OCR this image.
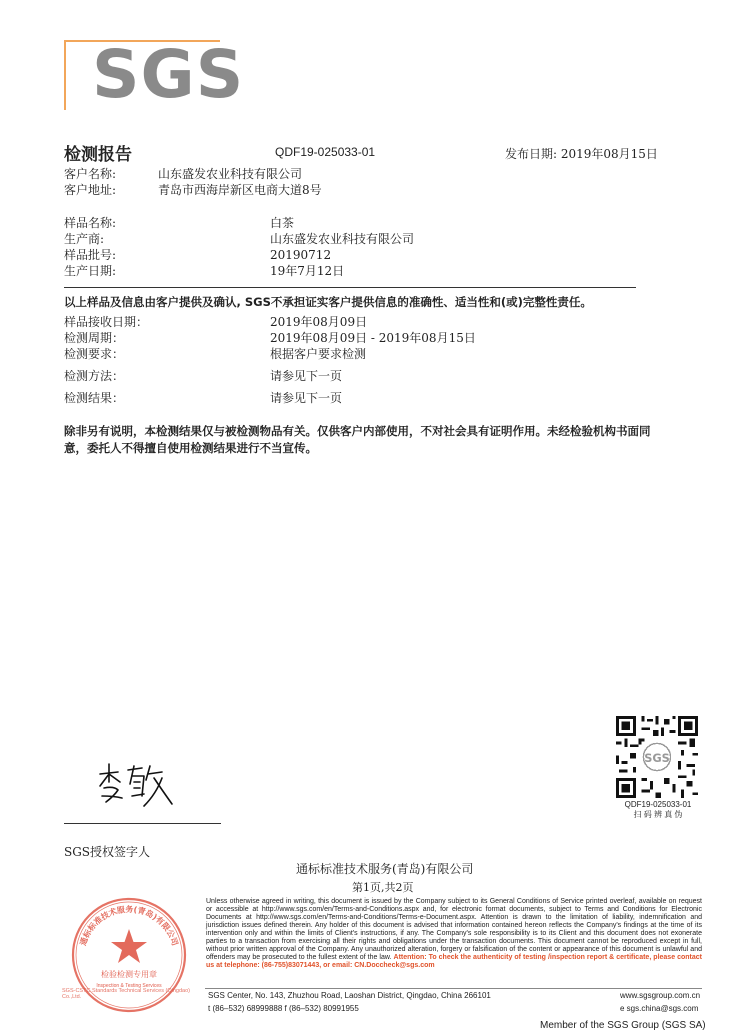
SGS
检测报告	QDF19-025033-01	发布日期: 2019年08月15日
客户名称:	山东盛发农业科技有限公司
客户地址:	青岛市西海岸新区电商大道8号
样品名称:	白茶
生产商:	山东盛发农业科技有限公司
样品批号:	20190712
生产日期:	19年7月12日
以上样品及信息由客户提供及确认, SGS不承担证实客户提供信息的准确性、适当性和(或)完整性责任。
样品接收日期：	2019年08月09日
检测周期：	2019年08月09日 - 2019年08月15日
检测要求：	根据客户要求检测
检测方法：	请参见下一页
检测结果：	请参见下一页
除非另有说明，本检测结果仅与被检测物品有关。仅供客户内部使用，不对社会具有证明作用。未经检验机构书面同意，委托人不得擅自使用检测结果进行不当宣传。
SGS
QDF19-025033-01
扫 码 辨 真 伪
SGS授权签字人
通标标准技术服务(青岛)有限公司
第1页,共2页
检验检测专用章
Inspection & Testing Services
通标标准技术服务(青岛)有限公司
SGS-CSTC Standards Technical Services (Qingdao) Co.,Ltd.
Unless otherwise agreed in writing, this document is issued by the Company subject to its General Conditions of Service printed overleaf, available on request or accessible at http://www.sgs.com/en/Terms-and-Conditions.aspx and, for electronic format documents, subject to Terms and Conditions for Electronic Documents at http://www.sgs.com/en/Terms-and-Conditions/Terms-e-Document.aspx. Attention is drawn to the limitation of liability, indemnification and jurisdiction issues defined therein. Any holder of this document is advised that information contained hereon reflects the Company's findings at the time of its intervention only and within the limits of Client's instructions, if any. The Company's sole responsibility is to its Client and this document does not exonerate parties to a transaction from exercising all their rights and obligations under the transaction documents. This document cannot be reproduced except in full, without prior written approval of the Company. Any unauthorized alteration, forgery or falsification of the content or appearance of this document is unlawful and offenders may be prosecuted to the fullest extent of the law. Attention: To check the authenticity of testing /inspection report & certificate, please contact us at telephone: (86-755)83071443, or email: CN.Doccheck@sgs.com
SGS Center, No. 143, Zhuzhou Road, Laoshan District, Qingdao, China 266101
t (86–532) 68999888 f (86–532) 80991955
www.sgsgroup.com.cn
e sgs.china@sgs.com
Member of the SGS Group (SGS SA)
